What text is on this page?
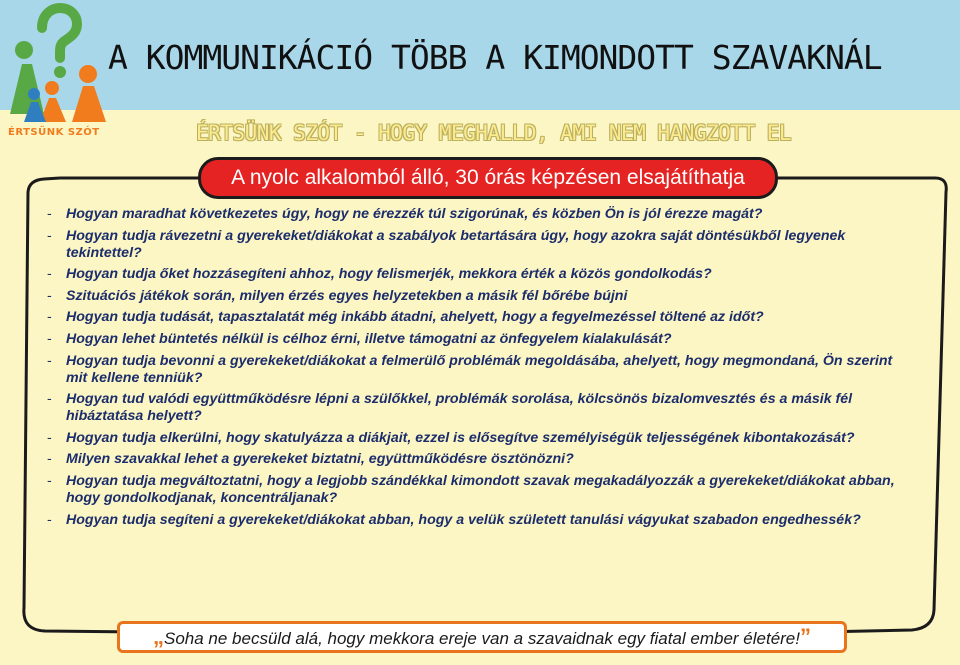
ÉRTSÜNK SZÓT
A KOMMUNIKÁCIÓ TÖBB A KIMONDOTT SZAVAKNÁL
ÉRTSÜNK SZÓT - HOGY MEGHALLD, AMI NEM HANGZOTT EL
A nyolc alkalomból álló, 30 órás képzésen elsajátíthatja
- Hogyan maradhat következetes úgy, hogy ne érezzék túl szigorúnak, és közben Ön is jól érezze magát?
- Hogyan tudja rávezetni a gyerekeket/diákokat a szabályok betartására úgy, hogy azokra saját döntésükből legyenek tekintettel?
- Hogyan tudja őket hozzásegíteni ahhoz, hogy felismerjék, mekkora érték a közös gondolkodás?
- Szituációs játékok során, milyen érzés egyes helyzetekben a másik fél bőrébe bújni
- Hogyan tudja tudását, tapasztalatát még inkább átadni, ahelyett, hogy a fegyelmezéssel töltené az időt?
- Hogyan lehet büntetés nélkül is célhoz érni, illetve támogatni az önfegyelem kialakulását?
- Hogyan tudja bevonni a gyerekeket/diákokat a felmerülő problémák megoldásába, ahelyett, hogy megmondaná, Ön szerint mit kellene tenniük?
- Hogyan tud valódi együttműködésre lépni a szülőkkel, problémák sorolása, kölcsönös bizalomvesztés és a másik fél hibáztatása helyett?
- Hogyan tudja elkerülni, hogy skatulyázza a diákjait, ezzel is elősegítve személyiségük teljességének kibontakozását?
- Milyen szavakkal lehet a gyerekeket biztatni, együttműködésre ösztönözni?
- Hogyan tudja megváltoztatni, hogy a legjobb szándékkal kimondott szavak megakadályozzák a gyerekeket/diákokat abban, hogy gondolkodjanak, koncentráljanak?
- Hogyan tudja segíteni a gyerekeket/diákokat abban, hogy a velük született tanulási vágyukat szabadon engedhessék?
„Soha ne becsüld alá, hogy mekkora ereje van a szavaidnak egy fiatal ember életére!”
